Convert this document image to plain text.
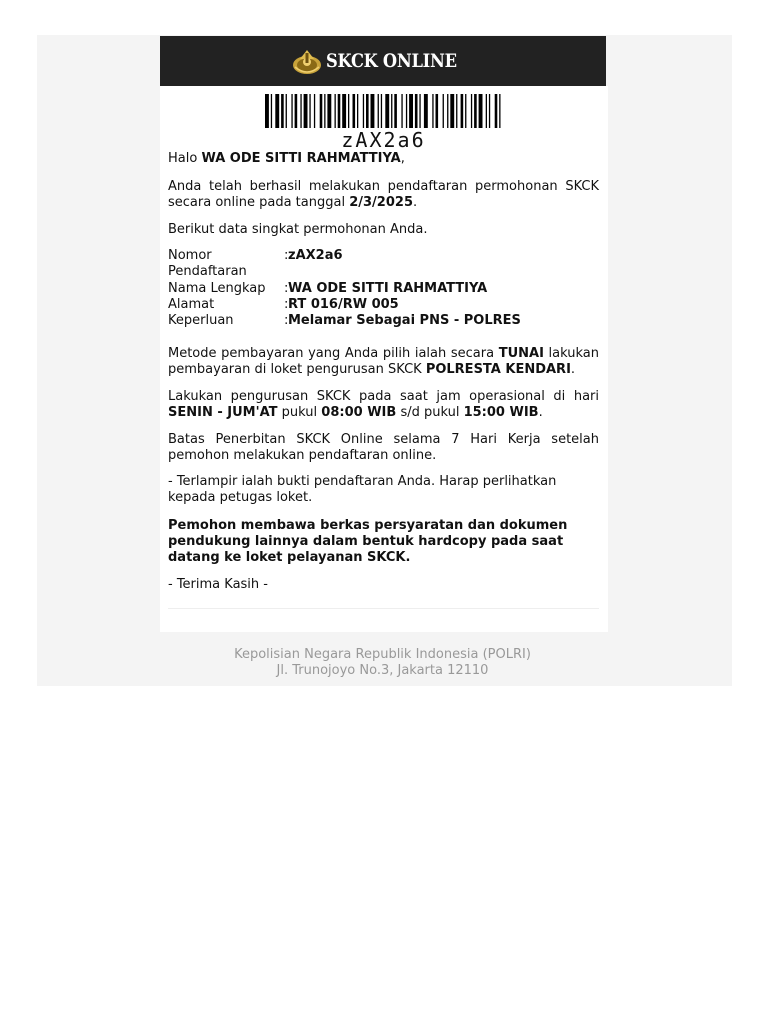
SKCK ONLINE
zAX2a6

Halo WA ODE SITTI RAHMATTIYA,

Anda telah berhasil melakukan pendaftaran permohonan SKCK secara online pada tanggal 2/3/2025.

Berikut data singkat permohonan Anda.

Nomor Pendaftaran
: zAX2a6
Nama Lengkap	: WA ODE SITTI RAHMATTIYA
Alamat	: RT 016/RW 005
Keperluan	: Melamar Sebagai PNS - POLRES

Metode pembayaran yang Anda pilih ialah secara TUNAI lakukan pembayaran di loket pengurusan SKCK POLRESTA KENDARI.

Lakukan pengurusan SKCK pada saat jam operasional di hari SENIN - JUM'AT pukul 08:00 WIB s/d pukul 15:00 WIB.

Batas Penerbitan SKCK Online selama 7 Hari Kerja setelah pemohon melakukan pendaftaran online.

- Terlampir ialah bukti pendaftaran Anda. Harap perlihatkan kepada petugas loket.

Pemohon membawa berkas persyaratan dan dokumen pendukung lainnya dalam bentuk hardcopy pada saat datang ke loket pelayanan SKCK.

- Terima Kasih -

Kepolisian Negara Republik Indonesia (POLRI)
Jl. Trunojoyo No.3, Jakarta 12110
